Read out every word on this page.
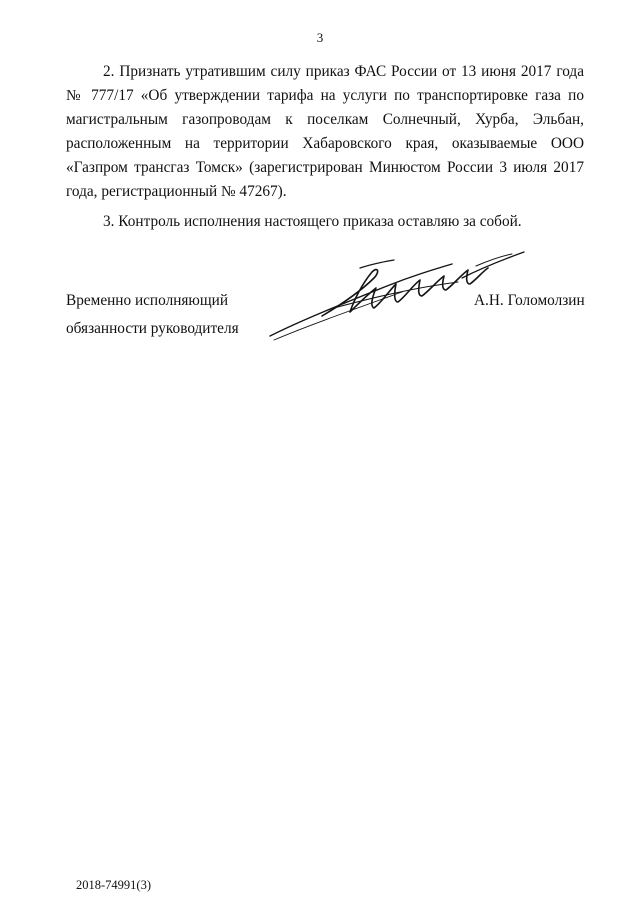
3

2. Признать утратившим силу приказ ФАС России от 13 июня 2017 года № 777/17 «Об утверждении тарифа на услуги по транспортировке газа по магистральным газопроводам к поселкам Солнечный, Хурба, Эльбан, расположенным на территории Хабаровского края, оказываемые ООО «Газпром трансгаз Томск» (зарегистрирован Минюстом России 3 июля 2017 года, регистрационный № 47267).

3. Контроль исполнения настоящего приказа оставляю за собой.

Временно исполняющий
обязанности руководителя
А.Н. Голомолзин
2018-74991(3)
